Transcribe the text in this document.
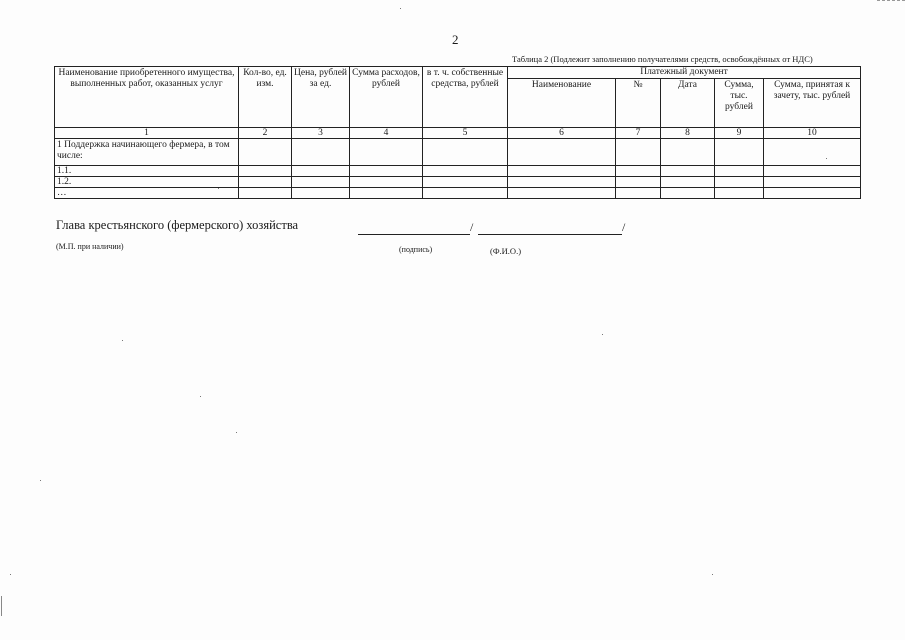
2
Таблица 2 (Подлежит заполнению получателями средств, освобождённых от НДС)
Наименование приобретенного имущества, выполненных работ, оказанных услуг	Кол-во, ед. изм.	Цена, рублей за ед.	Сумма расходов, рублей	в т. ч. собственные средства, рублей	Платежный документ				
					Наименование	№	Дата	Сумма, тыс. рублей	Сумма, принятая к зачету, тыс. рублей
1	2	3	4	5	6	7	8	9	10
1 Поддержка начинающего фермера, в том числе:									
1.1.									
1.2.									
…									
Глава крестьянского (фермерского) хозяйства	/	/
(М.П. при наличии)	(подпись)	(Ф.И.О.)
